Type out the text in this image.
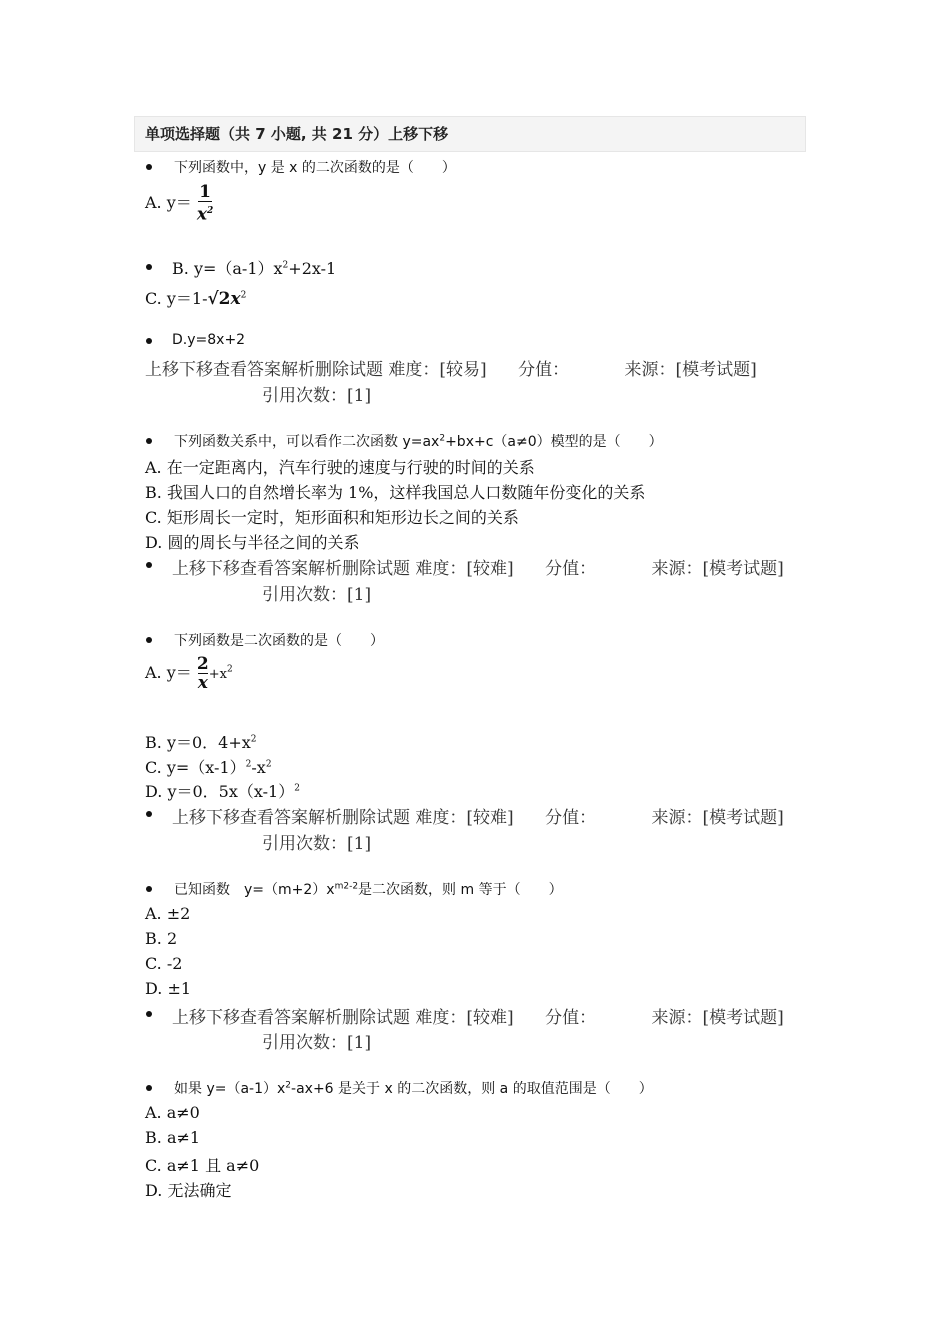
单项选择题（共 7 小题, 共 21 分）上移下移
下列函数中，y 是 x 的二次函数的是（　　）
A. $y= \frac{1}{x^2}$
B. $y=(a-1)x^2+2x-1$
C. $y=1-√2x^2$
D.y=8x+2
上移下移查看答案解析删除试题 难度：[较易] 分值：	来源：[模考试题]
.	引用次数：[1]
下列函数关系中，可以看作二次函数 $y=ax^2+bx+c(a\ne 0)$模型的是（　　）
A. 在一定距离内，汽车行驶的速度与行驶的时间的关系
B. 我国人口的自然增长率为 1%，这样我国总人口数随年份变化的关系
C. 矩形周长一定时，矩形面积和矩形边长之间的关系
D. 圆的周长与半径之间的关系
上移下移查看答案解析删除试题 难度：[较难] 分值：	来源：[模考试题]
引用次数：[1]
下列函数是二次函数的是（　　）
A. $y= \frac{2}{x} +x^2$
B. y＝0．$4+x^2$
C. $y=(x-1)^2-x^2$
D. y＝0．$5x(x-1)^2$
上移下移查看答案解析删除试题 难度：[较难] 分值：	来源：[模考试题]
引用次数：[1]
已知函数　$y=(m+2)x^{m2-2}$是二次函数，则 m 等于（　　）
A. ±2
B. 2
C. -2
D. ±1
上移下移查看答案解析删除试题 难度：[较难] 分值：	来源：[模考试题]
引用次数：[1]
如果 $y=(a-1)x^2-ax+6$ 是关于 x 的二次函数，则 a 的取值范围是（　　）
A. a≠0
B. a≠1
C. a≠1 且 a≠0
D. 无法确定
